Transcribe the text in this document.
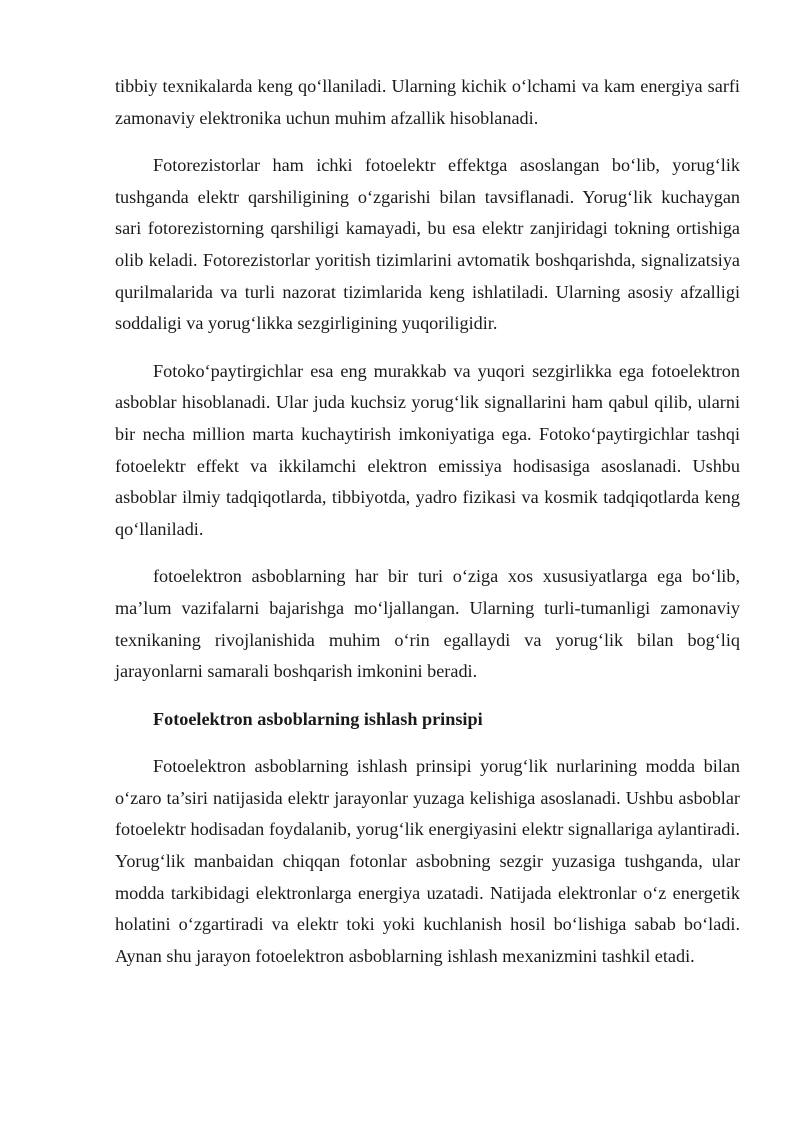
tibbiy texnikalarda keng qo‘llaniladi. Ularning kichik o‘lchami va kam energiya sarfi zamonaviy elektronika uchun muhim afzallik hisoblanadi.

Fotorezistorlar ham ichki fotoelektr effektga asoslangan bo‘lib, yorug‘lik tushganda elektr qarshiligining o‘zgarishi bilan tavsiflanadi. Yorug‘lik kuchaygan sari fotorezistorning qarshiligi kamayadi, bu esa elektr zanjiridagi tokning ortishiga olib keladi. Fotorezistorlar yoritish tizimlarini avtomatik boshqarishda, signalizatsiya qurilmalarida va turli nazorat tizimlarida keng ishlatiladi. Ularning asosiy afzalligi soddaligi va yorug‘likka sezgirligining yuqoriligidir.

Fotoko‘paytirgichlar esa eng murakkab va yuqori sezgirlikka ega fotoelektron asboblar hisoblanadi. Ular juda kuchsiz yorug‘lik signallarini ham qabul qilib, ularni bir necha million marta kuchaytirish imkoniyatiga ega. Fotoko‘paytirgichlar tashqi fotoelektr effekt va ikkilamchi elektron emissiya hodisasiga asoslanadi. Ushbu asboblar ilmiy tadqiqotlarda, tibbiyotda, yadro fizikasi va kosmik tadqiqotlarda keng qo‘llaniladi.

fotoelektron asboblarning har bir turi o‘ziga xos xususiyatlarga ega bo‘lib, ma’lum vazifalarni bajarishga mo‘ljallangan. Ularning turli-tumanligi zamonaviy texnikaning rivojlanishida muhim o‘rin egallaydi va yorug‘lik bilan bog‘liq jarayonlarni samarali boshqarish imkonini beradi.

Fotoelektron asboblarning ishlash prinsipi

Fotoelektron asboblarning ishlash prinsipi yorug‘lik nurlarining modda bilan o‘zaro ta’siri natijasida elektr jarayonlar yuzaga kelishiga asoslanadi. Ushbu asboblar fotoelektr hodisadan foydalanib, yorug‘lik energiyasini elektr signallariga aylantiradi. Yorug‘lik manbaidan chiqqan fotonlar asbobning sezgir yuzasiga tushganda, ular modda tarkibidagi elektronlarga energiya uzatadi. Natijada elektronlar o‘z energetik holatini o‘zgartiradi va elektr toki yoki kuchlanish hosil bo‘lishiga sabab bo‘ladi. Aynan shu jarayon fotoelektron asboblarning ishlash mexanizmini tashkil etadi.
